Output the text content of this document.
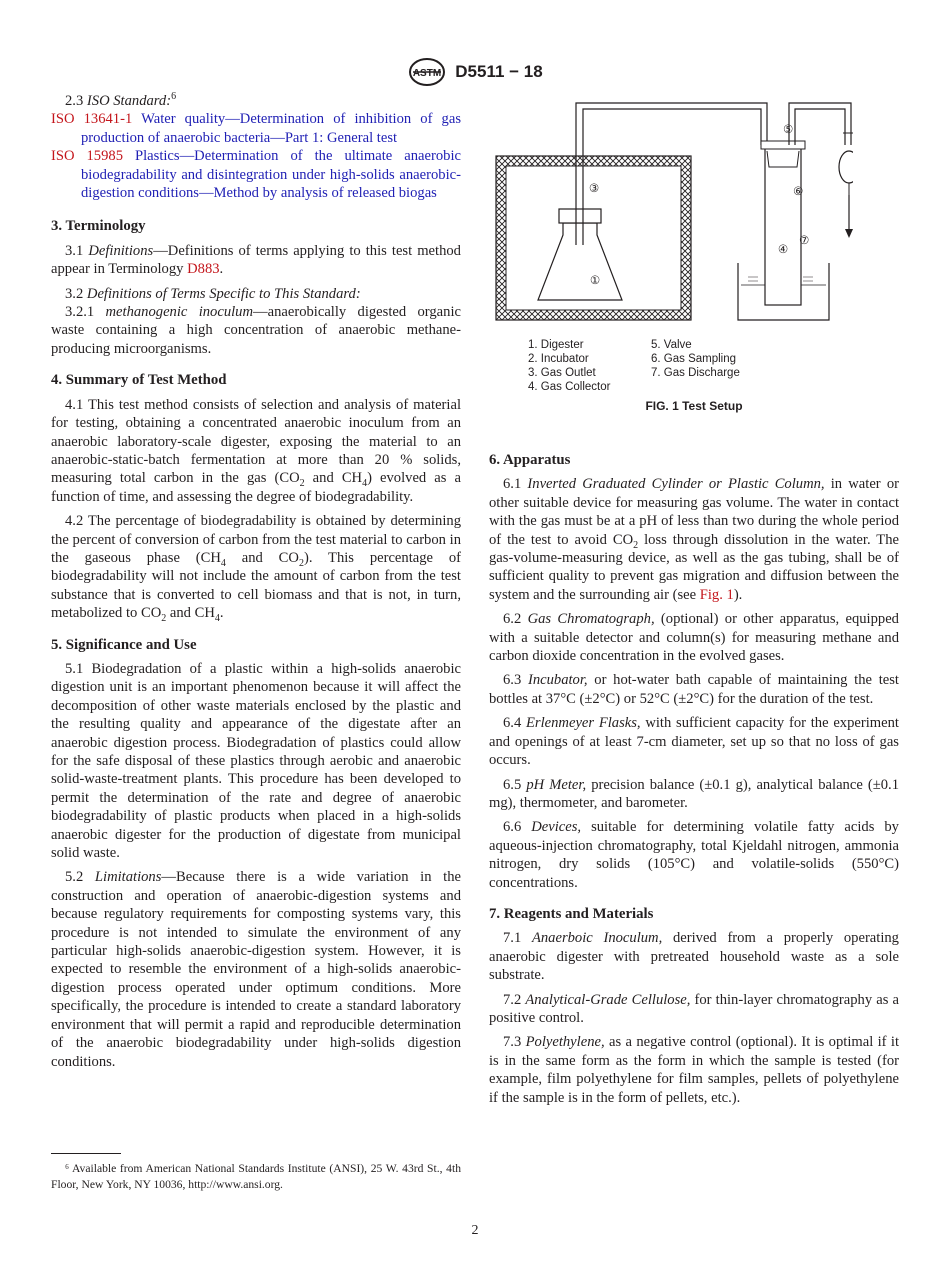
ASTM D5511 − 18

2.3 ISO Standard:$^6$

ISO 13641-1 Water quality—Determination of inhibition of gas production of anaerobic bacteria—Part 1: General test

ISO 15985 Plastics—Determination of the ultimate anaerobic biodegradability and disintegration under high-solids anaerobic-digestion conditions—Method by analysis of released biogas

3. Terminology

3.1 Definitions—Definitions of terms applying to this test method appear in Terminology D883.

3.2 Definitions of Terms Specific to This Standard:

3.2.1 methanogenic inoculum—anaerobically digested organic waste containing a high concentration of anaerobic methane-producing microorganisms.

4. Summary of Test Method

4.1 This test method consists of selection and analysis of material for testing, obtaining a concentrated anaerobic inoculum from an anaerobic laboratory-scale digester, exposing the material to an anaerobic-static-batch fermentation at more than 20 % solids, measuring total carbon in the gas ($CO_2$ and $CH_4$) evolved as a function of time, and assessing the degree of biodegradability.

4.2 The percentage of biodegradability is obtained by determining the percent of conversion of carbon from the test material to carbon in the gaseous phase ($CH_4$ and $CO_2$). This percentage of biodegradability will not include the amount of carbon from the test substance that is converted to cell biomass and that is not, in turn, metabolized to $CO_2$ and $CH_4$.

5. Significance and Use

5.1 Biodegradation of a plastic within a high-solids anaerobic digestion unit is an important phenomenon because it will affect the decomposition of other waste materials enclosed by the plastic and the resulting quality and appearance of the digestate after an anaerobic digestion process. Biodegradation of plastics could allow for the safe disposal of these plastics through aerobic and anaerobic solid-waste-treatment plants. This procedure has been developed to permit the determination of the rate and degree of anaerobic biodegradability of plastic products when placed in a high-solids anaerobic digester for the production of digestate from municipal solid waste.

5.2 Limitations—Because there is a wide variation in the construction and operation of anaerobic-digestion systems and because regulatory requirements for composting systems vary, this procedure is not intended to simulate the environment of any particular high-solids anaerobic-digestion system. However, it is expected to resemble the environment of a high-solids anaerobic-digestion process operated under optimum conditions. More specifically, the procedure is intended to create a standard laboratory environment that will permit a rapid and reproducible determination of the anaerobic biodegradability under high-solids digestion conditions.

⁶ Available from American National Standards Institute (ANSI), 25 W. 43rd St., 4th Floor, New York, NY 10036, http://www.ansi.org.
①
③
④
⑤
⑥
⑦
1. Digester
2. Incubator
3. Gas Outlet
4. Gas Collector
5. Valve
6. Gas Sampling
7. Gas Discharge
FIG. 1 Test Setup
6. Apparatus

6.1 Inverted Graduated Cylinder or Plastic Column, in water or other suitable device for measuring gas volume. The water in contact with the gas must be at a pH of less than two during the whole period of the test to avoid $CO_2$ loss through dissolution in the water. The gas-volume-measuring device, as well as the gas tubing, shall be of sufficient quality to prevent gas migration and diffusion between the system and the surrounding air (see Fig. 1).

6.2 Gas Chromatograph, (optional) or other apparatus, equipped with a suitable detector and column(s) for measuring methane and carbon dioxide concentration in the evolved gases.

6.3 Incubator, or hot-water bath capable of maintaining the test bottles at 37°C (±2°C) or 52°C (±2°C) for the duration of the test.

6.4 Erlenmeyer Flasks, with sufficient capacity for the experiment and openings of at least 7-cm diameter, set up so that no loss of gas occurs.

6.5 pH Meter, precision balance (±0.1 g), analytical balance (±0.1 mg), thermometer, and barometer.

6.6 Devices, suitable for determining volatile fatty acids by aqueous-injection chromatography, total Kjeldahl nitrogen, ammonia nitrogen, dry solids (105°C) and volatile-solids (550°C) concentrations.

7. Reagents and Materials

7.1 Anaerboic Inoculum, derived from a properly operating anaerobic digester with pretreated household waste as a sole substrate.

7.2 Analytical-Grade Cellulose, for thin-layer chromatography as a positive control.

7.3 Polyethylene, as a negative control (optional). It is optimal if it is in the same form as the form in which the sample is tested (for example, film polyethylene for film samples, pellets of polyethylene if the sample is in the form of pellets, etc.).

2
